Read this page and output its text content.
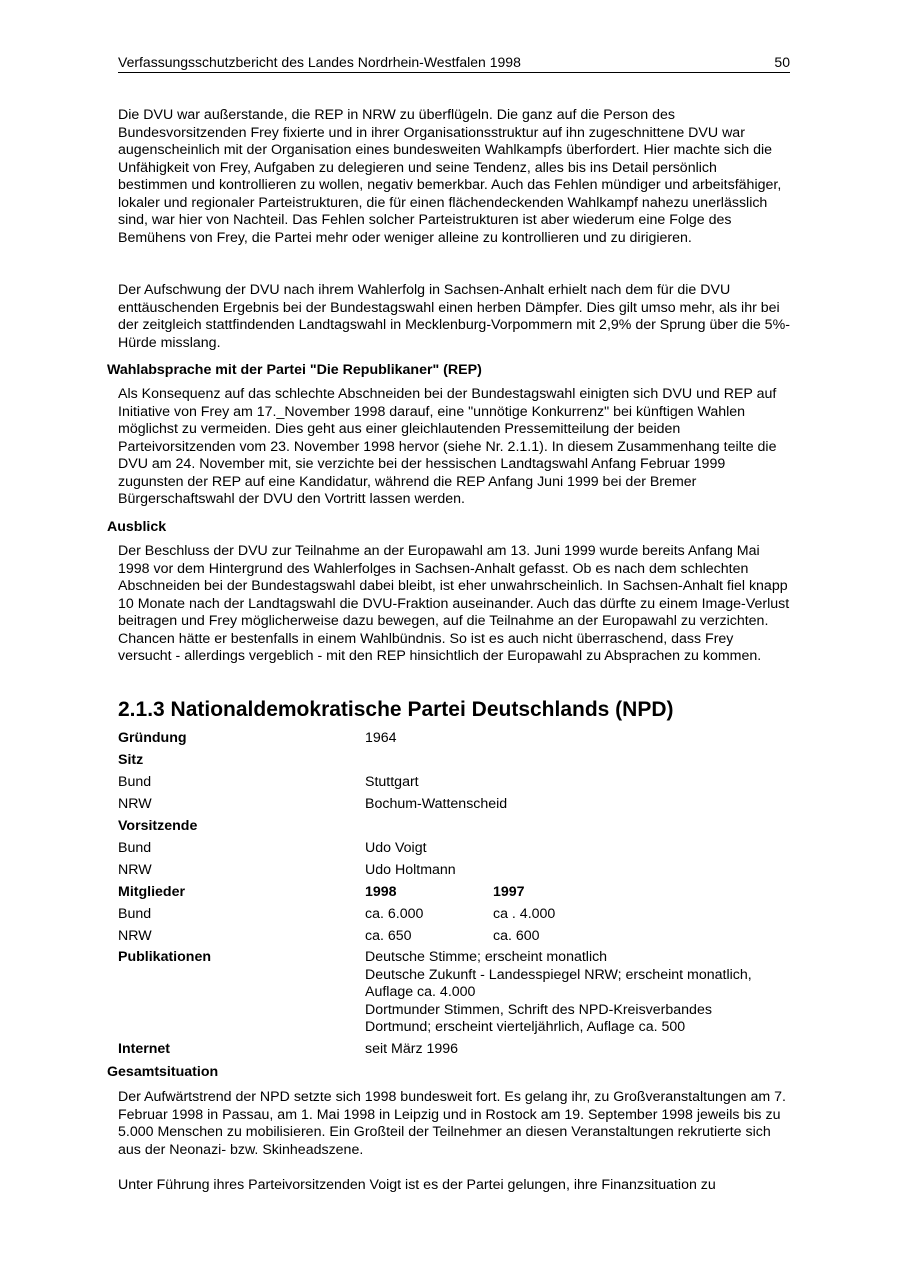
Verfassungsschutzbericht des Landes Nordrhein-Westfalen 1998	50

Die DVU war außerstande, die REP in NRW zu überflügeln. Die ganz auf die Person des Bundesvorsitzenden Frey fixierte und in ihrer Organisationsstruktur auf ihn zugeschnittene DVU war augenscheinlich mit der Organisation eines bundesweiten Wahlkampfs überfordert. Hier machte sich die Unfähigkeit von Frey, Aufgaben zu delegieren und seine Tendenz, alles bis ins Detail persönlich bestimmen und kontrollieren zu wollen, negativ bemerkbar. Auch das Fehlen mündiger und arbeitsfähiger, lokaler und regionaler Parteistrukturen, die für einen flächendeckenden Wahlkampf nahezu unerlässlich sind, war hier von Nachteil. Das Fehlen solcher Parteistrukturen ist aber wiederum eine Folge des Bemühens von Frey, die Partei mehr oder weniger alleine zu kontrollieren und zu dirigieren.

Der Aufschwung der DVU nach ihrem Wahlerfolg in Sachsen-Anhalt erhielt nach dem für die DVU enttäuschenden Ergebnis bei der Bundestagswahl einen herben Dämpfer. Dies gilt umso mehr, als ihr bei der zeitgleich stattfindenden Landtagswahl in Mecklenburg-Vorpommern mit 2,9% der Sprung über die 5%-Hürde misslang.

Wahlabsprache mit der Partei "Die Republikaner" (REP)

Als Konsequenz auf das schlechte Abschneiden bei der Bundestagswahl einigten sich DVU und REP auf Initiative von Frey am 17._November 1998 darauf, eine "unnötige Konkurrenz" bei künftigen Wahlen möglichst zu vermeiden. Dies geht aus einer gleichlautenden Pressemitteilung der beiden Parteivorsitzenden vom 23. November 1998 hervor (siehe Nr. 2.1.1). In diesem Zusammenhang teilte die DVU am 24. November mit, sie verzichte bei der hessischen Landtagswahl Anfang Februar 1999 zugunsten der REP auf eine Kandidatur, während die REP Anfang Juni 1999 bei der Bremer Bürgerschaftswahl der DVU den Vortritt lassen werden.

Ausblick

Der Beschluss der DVU zur Teilnahme an der Europawahl am 13. Juni 1999 wurde bereits Anfang Mai 1998 vor dem Hintergrund des Wahlerfolges in Sachsen-Anhalt gefasst. Ob es nach dem schlechten Abschneiden bei der Bundestagswahl dabei bleibt, ist eher unwahrscheinlich. In Sachsen-Anhalt fiel knapp 10 Monate nach der Landtagswahl die DVU-Fraktion auseinander. Auch das dürfte zu einem Image-Verlust beitragen und Frey möglicherweise dazu bewegen, auf die Teilnahme an der Europawahl zu verzichten. Chancen hätte er bestenfalls in einem Wahlbündnis. So ist es auch nicht überraschend, dass Frey versucht - allerdings vergeblich - mit den REP hinsichtlich der Europawahl zu Absprachen zu kommen.

2.1.3 Nationaldemokratische Partei Deutschlands (NPD)
Gründung	1964
Sitz
Bund	Stuttgart
NRW	Bochum-Wattenscheid
Vorsitzende
Bund	Udo Voigt
NRW	Udo Holtmann
Mitglieder	1998	1997
Bund	ca. 6.000	ca . 4.000
NRW	ca. 650	ca. 600
Publikationen	Deutsche Stimme; erscheint monatlich
Deutsche Zukunft - Landesspiegel NRW; erscheint monatlich,
Auflage ca. 4.000
Dortmunder Stimmen, Schrift des NPD-Kreisverbandes
Dortmund; erscheint vierteljährlich, Auflage ca. 500
Internet	seit März 1996

Gesamtsituation

Der Aufwärtstrend der NPD setzte sich 1998 bundesweit fort. Es gelang ihr, zu Großveranstaltungen am 7. Februar 1998 in Passau, am 1. Mai 1998 in Leipzig und in Rostock am 19. September 1998 jeweils bis zu 5.000 Menschen zu mobilisieren. Ein Großteil der Teilnehmer an diesen Veranstaltungen rekrutierte sich aus der Neonazi- bzw. Skinheadszene.

Unter Führung ihres Parteivorsitzenden Voigt ist es der Partei gelungen, ihre Finanzsituation zu
